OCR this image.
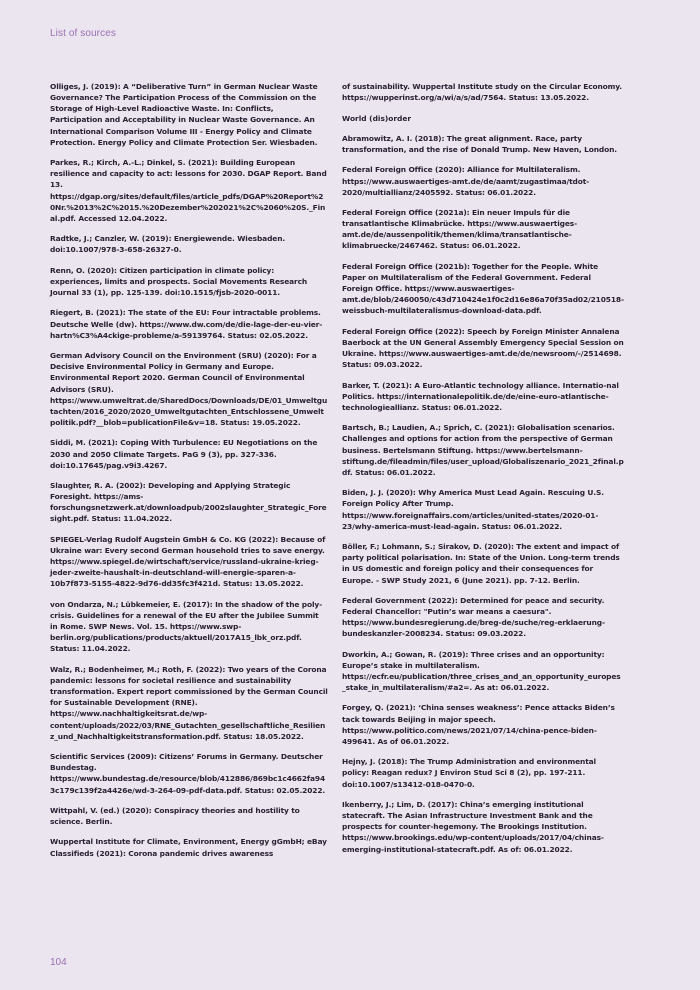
List of sources

Olliges, J. (2019): A “Deliberative Turn” in German Nuclear Waste Governance? The Participation Process of the Commission on the Storage of High-Level Radioactive Waste. In: Conflicts, Participation and Acceptability in Nuclear Waste Governance. An International Comparison Volume III - Energy Policy and Climate Protection. Energy Policy and Climate Protection Ser. Wiesbaden.

Parkes, R.; Kirch, A.-L.; Dinkel, S. (2021): Building European resilience and capacity to act: lessons for 2030. DGAP Report. Band 13. https://dgap.org/sites/default/files/article_pdfs/DGAP%20Report%20Nr.%2013%2C%2015.%20Dezember%202021%2C%2060%20S._Final.pdf. Accessed 12.04.2022.

Radtke, J.; Canzler, W. (2019): Energiewende. Wiesbaden. doi:10.1007/978-3-658-26327-0.

Renn, O. (2020): Citizen participation in climate policy: experiences, limits and prospects. Social Movements Research Journal 33 (1), pp. 125-139. doi:10.1515/fjsb-2020-0011.

Riegert, B. (2021): The state of the EU: Four intractable problems. Deutsche Welle (dw). https://www.dw.com/de/die-lage-der-eu-vier-hartn%C3%A4ckige-probleme/a-59139764. Status: 02.05.2022.

German Advisory Council on the Environment (SRU) (2020): For a Decisive Environmental Policy in Germany and Europe. Environmental Report 2020. German Council of Environmental Advisors (SRU). https://www.umweltrat.de/SharedDocs/Downloads/DE/01_Umweltgutachten/2016_2020/2020_Umweltgutachten_Entschlossene_Umweltpolitik.pdf?__blob=publicationFile&v=18. Status: 19.05.2022.

Siddi, M. (2021): Coping With Turbulence: EU Negotiations on the 2030 and 2050 Climate Targets. PaG 9 (3), pp. 327-336. doi:10.17645/pag.v9i3.4267.

Slaughter, R. A. (2002): Developing and Applying Strategic Foresight. https://ams-forschungsnetzwerk.at/downloadpub/2002slaughter_Strategic_Foresight.pdf. Status: 11.04.2022.

SPIEGEL-Verlag Rudolf Augstein GmbH & Co. KG (2022): Because of Ukraine war: Every second German household tries to save energy. https://www.spiegel.de/wirtschaft/service/russland-ukraine-krieg-jeder-zweite-haushalt-in-deutschland-will-energie-sparen-a-10b7f873-5155-4822-9d76-dd35fc3f421d. Status: 13.05.2022.

von Ondarza, N.; Lübkemeier, E. (2017): In the shadow of the poly-crisis. Guidelines for a renewal of the EU after the Jubilee Summit in Rome. SWP News. Vol. 15. https://www.swp-berlin.org/publications/products/aktuell/2017A15_lbk_orz.pdf. Status: 11.04.2022.

Walz, R.; Bodenheimer, M.; Roth, F. (2022): Two years of the Corona pandemic: lessons for societal resilience and sustainability transformation. Expert report commissioned by the German Council for Sustainable Development (RNE). https://www.nachhaltigkeitsrat.de/wp-content/uploads/2022/03/RNE_Gutachten_gesellschaftliche_Resilienz_und_Nachhaltigkeitstransformation.pdf. Status: 18.05.2022.

Scientific Services (2009): Citizens’ Forums in Germany. Deutscher Bundestag. https://www.bundestag.de/resource/blob/412886/869bc1c4662fa943c179c139f2a4426e/wd-3-264-09-pdf-data.pdf. Status: 02.05.2022.

Wittpahl, V. (ed.) (2020): Conspiracy theories and hostility to science. Berlin.

Wuppertal Institute for Climate, Environment, Energy gGmbH; eBay Classifieds (2021): Corona pandemic drives awareness

of sustainability. Wuppertal Institute study on the Circular Economy. https://wupperinst.org/a/wi/a/s/ad/7564. Status: 13.05.2022.

World (dis)order

Abramowitz, A. I. (2018): The great alignment. Race, party transformation, and the rise of Donald Trump. New Haven, London.

Federal Foreign Office (2020): Alliance for Multilateralism. https://www.auswaertiges-amt.de/de/aamt/zugastimaa/tdot-2020/multiallianz/2405592. Status: 06.01.2022.

Federal Foreign Office (2021a): Ein neuer Impuls für die transatlantische Klimabrücke. https://www.auswaertiges-amt.de/de/aussenpolitik/themen/klima/transatlantische-klimabruecke/2467462. Status: 06.01.2022.

Federal Foreign Office (2021b): Together for the People. White Paper on Multilateralism of the Federal Government. Federal Foreign Office. https://www.auswaertiges-amt.de/blob/2460050/c43d710424e1f0c2d16e86a70f35ad02/210518-weissbuch-multilateralismus-download-data.pdf.

Federal Foreign Office (2022): Speech by Foreign Minister Annalena Baerbock at the UN General Assembly Emergency Special Session on Ukraine. https://www.auswaertiges-amt.de/de/newsroom/-/2514698. Status: 09.03.2022.

Barker, T. (2021): A Euro-Atlantic technology alliance. Internatio-nal Politics. https://internationalepolitik.de/de/eine-euro-atlantische-technologieallianz. Status: 06.01.2022.

Bartsch, B.; Laudien, A.; Sprich, C. (2021): Globalisation scenarios. Challenges and options for action from the perspective of German business. Bertelsmann Stiftung. https://www.bertelsmann-stiftung.de/fileadmin/files/user_upload/Globaliszenario_2021_2final.pdf. Status: 06.01.2022.

Biden, J. J. (2020): Why America Must Lead Again. Rescuing U.S. Foreign Policy After Trump. https://www.foreignaffairs.com/articles/united-states/2020-01-23/why-america-must-lead-again. Status: 06.01.2022.

Böller, F.; Lohmann, S.; Sirakov, D. (2020): The extent and impact of party political polarisation. In: State of the Union. Long-term trends in US domestic and foreign policy and their consequences for Europe. - SWP Study 2021, 6 (June 2021). pp. 7-12. Berlin.

Federal Government (2022): Determined for peace and security. Federal Chancellor: "Putin’s war means a caesura". https://www.bundesregierung.de/breg-de/suche/reg-erklaerung-bundeskanzler-2008234. Status: 09.03.2022.

Dworkin, A.; Gowan, R. (2019): Three crises and an opportunity: Europe’s stake in multilateralism. https://ecfr.eu/publication/three_crises_and_an_opportunity_europes_stake_in_multilateralism/#a2=. As at: 06.01.2022.

Forgey, Q. (2021): ‘China senses weakness’: Pence attacks Biden’s tack towards Beijing in major speech. https://www.politico.com/news/2021/07/14/china-pence-biden-499641. As of 06.01.2022.

Hejny, J. (2018): The Trump Administration and environmental policy: Reagan redux? J Environ Stud Sci 8 (2), pp. 197-211. doi:10.1007/s13412-018-0470-0.

Ikenberry, J.; Lim, D. (2017): China’s emerging institutional statecraft. The Asian Infrastructure Investment Bank and the prospects for counter-hegemony. The Brookings Institution. https://www.brookings.edu/wp-content/uploads/2017/04/chinas-emerging-institutional-statecraft.pdf. As of: 06.01.2022.

104
